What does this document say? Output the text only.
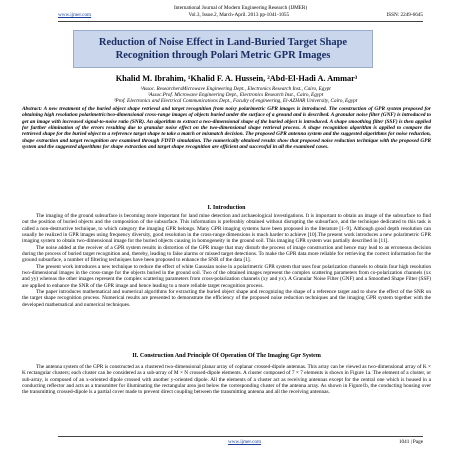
International Journal of Modern Engineering Research (IJMER)
www.ijmer.com	Vol.3, Issue.2, March-April. 2013 pp-1041-1055	ISSN: 2249-6645
Reduction of Noise Effect in Land-Buried Target Shape Recognition through Polari Metric GPR Images
Khalid M. Ibrahim, ¹Khalid F. A. Hussein, ²Abd-El-Hadi A. Ammar³
¹Assoc. ResearchersMicrowave Engineering Dept., Electronics Research Inst., Cairo, Egypt
²Assoc.Prof. Microwave Engineering Dept., Electronics Research Inst., Cairo, Egypt
³Prof. Electronics and Electrical Communications Dept., Faculty of engineering, El-AZHAR University, Cairo, Egypt
Abstract: A new treatment of the buried object shape retrieval and target recognition from noisy polarimetric GPR images is introduced. The construction of GPR system proposed for obtaining high resolution polarimetric/two-dimensional cross-range images of objects buried under the surface of a ground and is described. A granular noise filter (GNF) is introduced to get an image with increased signal-to-noise ratio (SNR). An algorithm to extract a two-dimensional shape of the buried object is introduced. A shape smoothing filter (SSF) is then applied for further elimination of the errors resulting due to granular noise effect on the two-dimensional shape retrieval process. A shape recognition algorithm is applied to compare the retrieved shape for the buried object to a reference target shape to take a match or mismatch decision. The proposed GPR antenna system and the suggested algorithms for noise reduction, shape extraction and target recognition are examined through FDTD simulation. The numerically obtained results show that proposed noise reduction technique with the proposed GPR system and the suggested algorithms for shape extraction and target shape recognition are efficient and successful in all the examined cases.
I. Introduction

The imaging of the ground subsurface is becoming more important for land mine detection and archaeological investigations. It is important to obtain an image of the subsurface to find out the position of buried objects and the composition of the subsurface. This information is preferably obtained without disrupting the subsurface, and the technique dedicated to this task is called a non-destructive technique, to which category the imaging GPR belongs. Many GPR imaging systems have been proposed in the literature [1–9]. Although good depth resolution can usually be realized in GPR images using frequency diversity, good resolution in the cross-range dimensions is much harder to achieve [10].The present work introduces a new polarimetric GPR imaging system to obtain two-dimensional image for the buried objects causing in homogeneity in the ground soil. This imaging GPR system was partially described in [11].

The noise added at the receiver of a GPR system results in distortion of the GPR image that may disturb the process of image construction and hence may lead to an erroneous decision during the process of buried target recognition and, thereby, leading to false alarms or missed target detections. To make the GPR data more reliable for retrieving the correct information for the ground subsurface, a number of filtering techniques have been proposed to enhance the SNR of the data [1].

The present work introduces a new technique to reduce the effect of white Gaussian noise in a polarimetric GPR system that uses four polarization channels to obtain four high resolution two-dimensional images in the cross-range for the objects buried in the ground soil. Two of the obtained images represent the complex scattering parameters from co-polarization channels (xx and yy) whereas the other images represent the complex scattering parameters from cross-polarization channels (xy and yx). A Granular Noise Filter (GNF) and a Smoothed Shape Filter (SSF) are applied to enhance the SNR of the GPR image and hence leading to a more reliable target recognition process.

The paper introduces mathematical and numerical algorithms for extracting the buried object shape and recognizing the shape of a reference target and to show the effect of the SNR on the target shape recognition process. Numerical results are presented to demonstrate the efficiency of the proposed noise reduction techniques and the imaging GPR system together with the developed mathematical and numerical techniques.

II. Construction And Principle Of Operation Of The Imaging Gpr System

The antenna system of the GPR is constructed as a clustered two-dimensional planar array of coplanar crossed-dipole antennas. This array can be viewed as two-dimensional array of K × K rectangular clusters; each cluster can be considered as a sub-array of M × N crossed-dipole elements. A cluster composed of 7 × 7 elements is shown in Figure 1a. The element of a cluster, or sub-array, is composed of an x-oriented dipole crossed with another y-oriented dipole. All the elements of a cluster act as receiving antennas except for the central one which is housed in a conducting reflector and acts as a transmitter for illuminating the rectangular area just below the corresponding cluster of the antenna array. As shown in Figure1b, the conducting housing over the transmitting crossed-dipole is a partial cover made to prevent direct coupling between the transmitting antenna and all the receiving antennas.

www.ijmer.com	1041 | Page
